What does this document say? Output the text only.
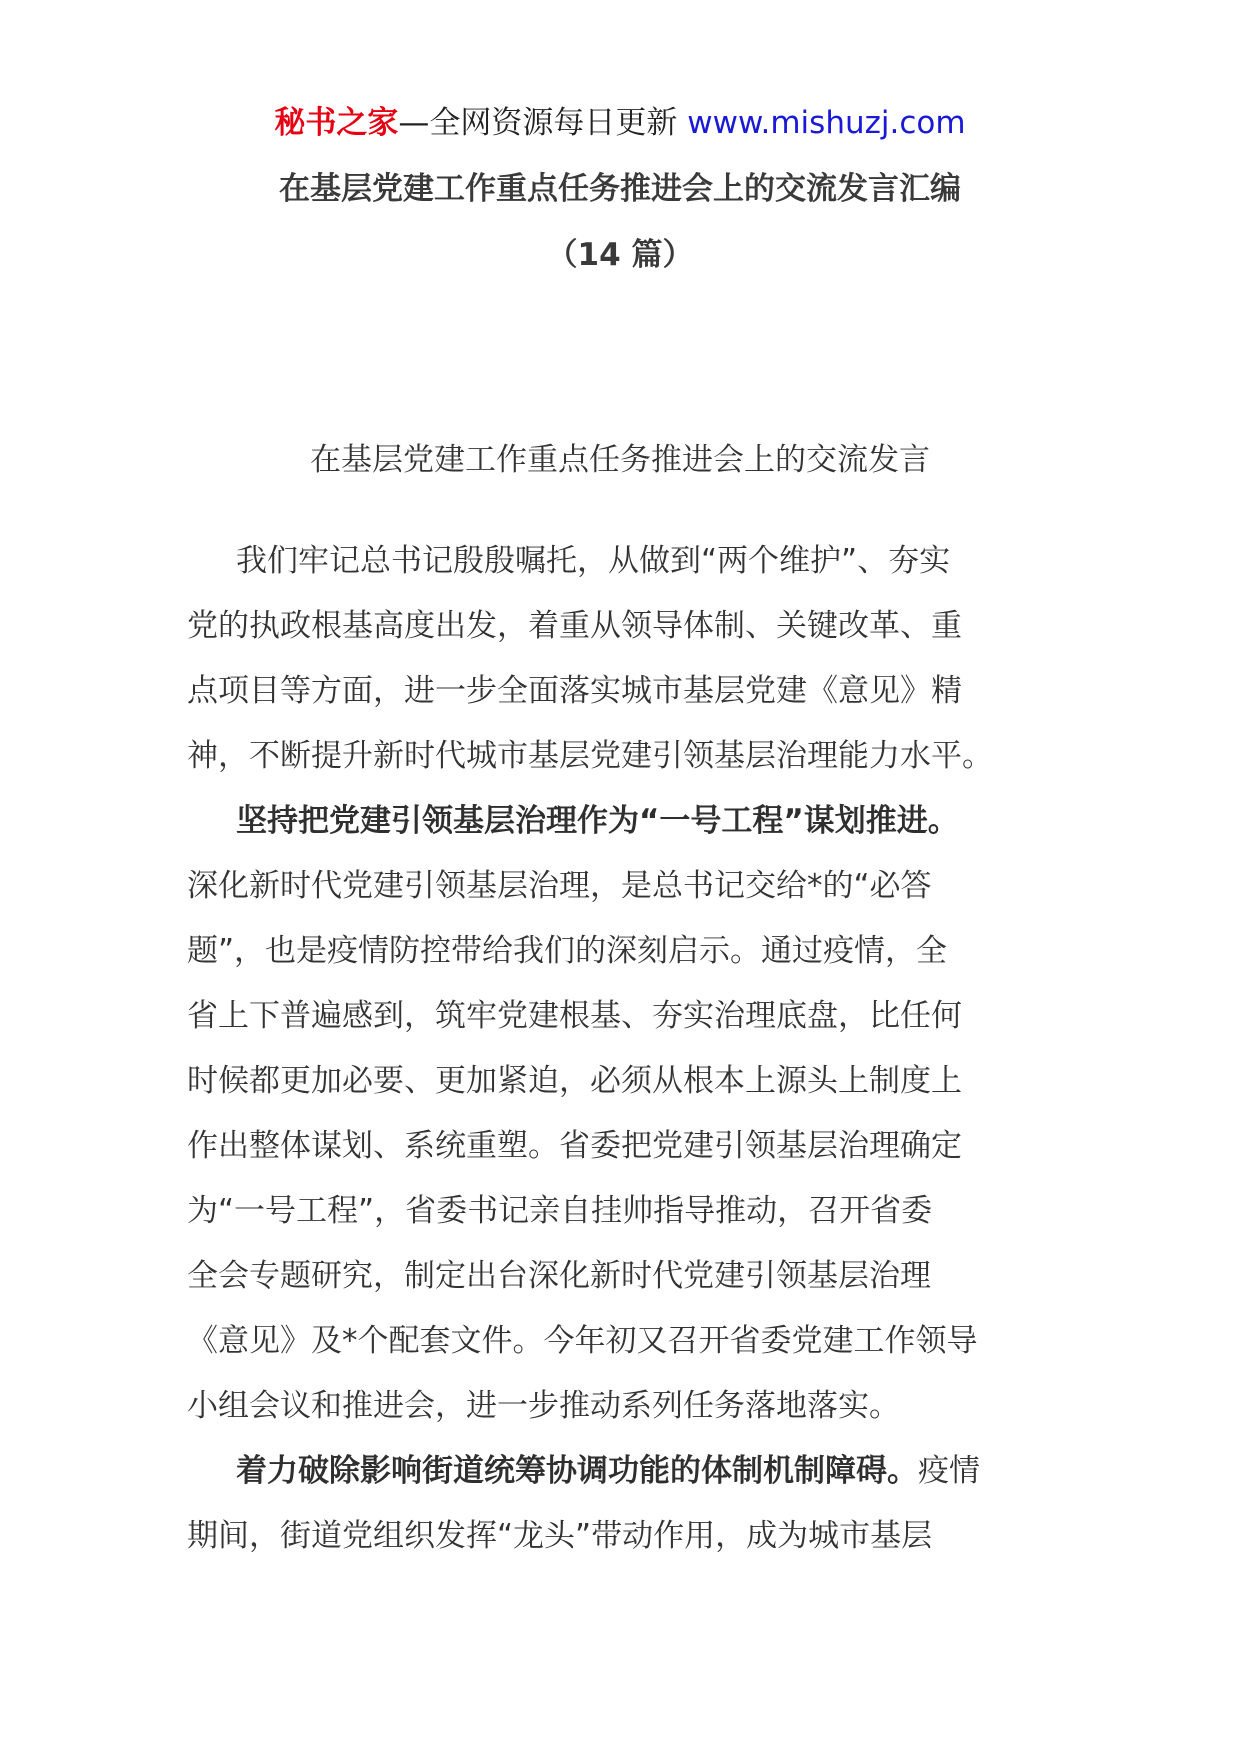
秘书之家—全网资源每日更新 www.mishuzj.com
在基层党建工作重点任务推进会上的交流发言汇编
（14 篇）
在基层党建工作重点任务推进会上的交流发言
我们牢记总书记殷殷嘱托，从做到“两个维护”、夯实
党的执政根基高度出发，着重从领导体制、关键改革、重
点项目等方面，进一步全面落实城市基层党建《意见》精
神，不断提升新时代城市基层党建引领基层治理能力水平。
坚持把党建引领基层治理作为“一号工程”谋划推进。
深化新时代党建引领基层治理，是总书记交给*的“必答
题”，也是疫情防控带给我们的深刻启示。通过疫情，全
省上下普遍感到，筑牢党建根基、夯实治理底盘，比任何
时候都更加必要、更加紧迫，必须从根本上源头上制度上
作出整体谋划、系统重塑。省委把党建引领基层治理确定
为“一号工程”，省委书记亲自挂帅指导推动，召开省委
全会专题研究，制定出台深化新时代党建引领基层治理
《意见》及*个配套文件。今年初又召开省委党建工作领导
小组会议和推进会，进一步推动系列任务落地落实。
着力破除影响街道统筹协调功能的体制机制障碍。疫情
期间，街道党组织发挥“龙头”带动作用，成为城市基层
